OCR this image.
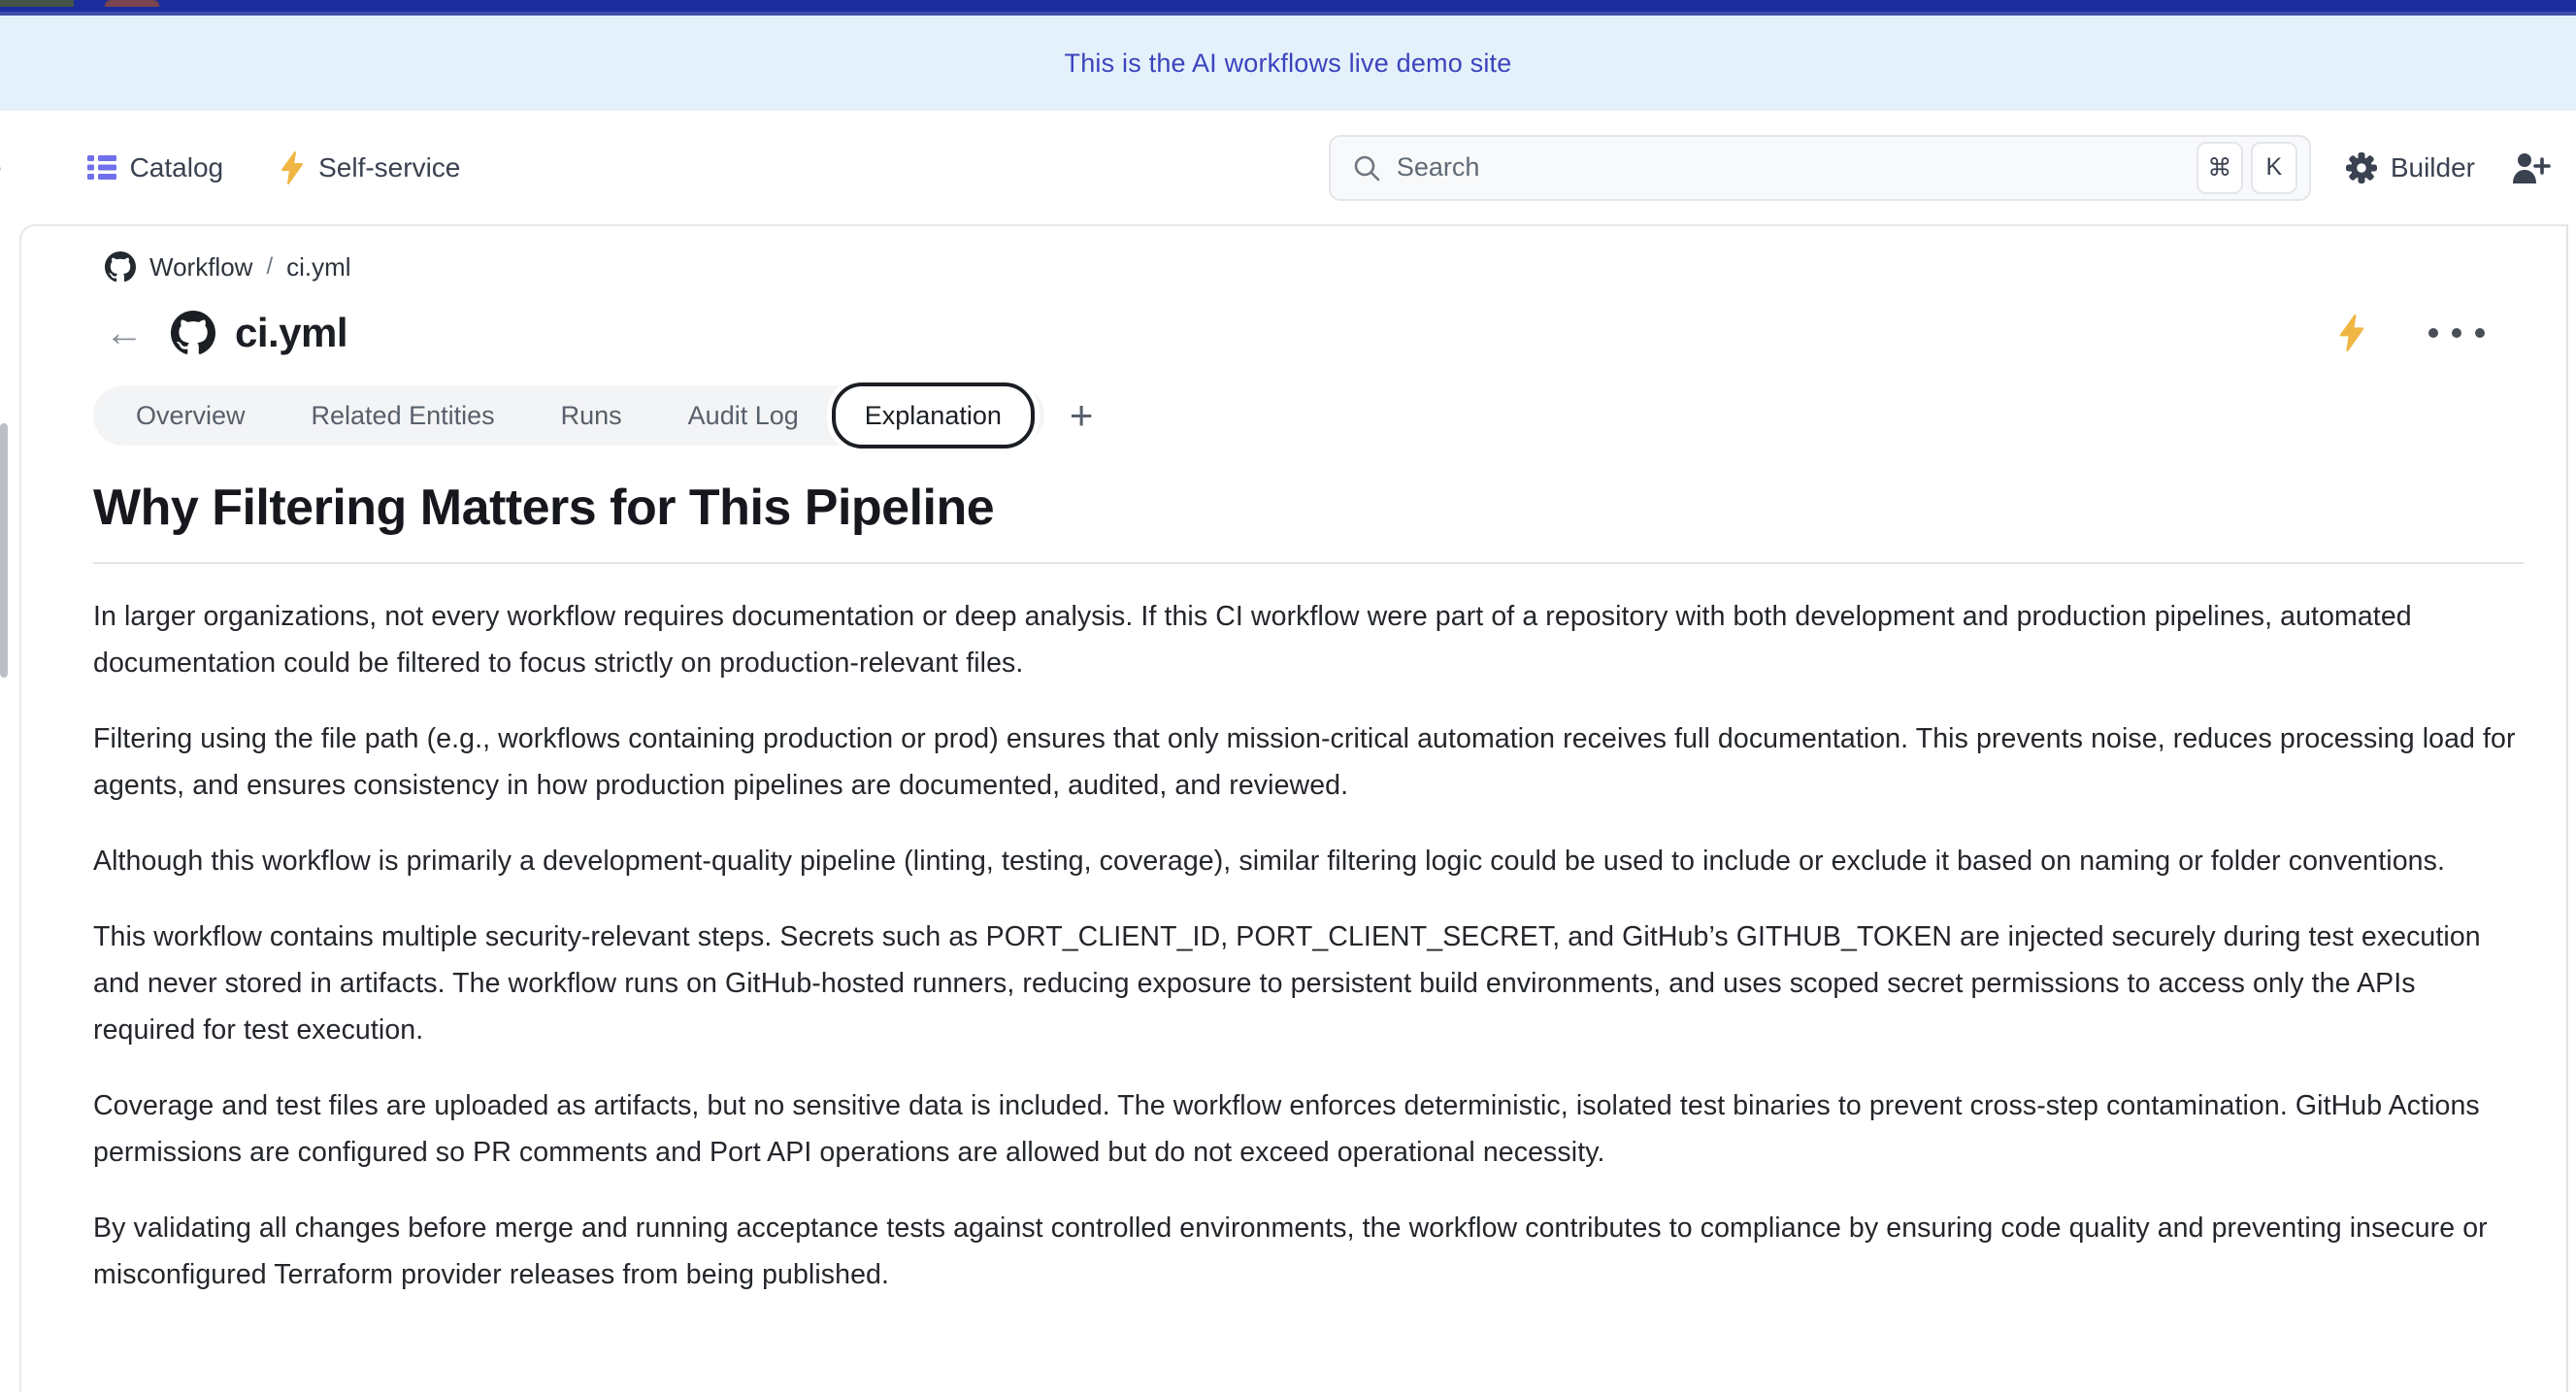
This is the AI workflows live demo site
Catalog	Self-service	Search	⌘	K	Builder
Workflow / ci.yml
← ci.yml
Overview	Related Entities	Runs	Audit Log	Explanation	+
Why Filtering Matters for This Pipeline

In larger organizations, not every workflow requires documentation or deep analysis. If this CI workflow were part of a repository with both development and production pipelines, automated documentation could be filtered to focus strictly on production-relevant files.

Filtering using the file path (e.g., workflows containing production or prod) ensures that only mission-critical automation receives full documentation. This prevents noise, reduces processing load for agents, and ensures consistency in how production pipelines are documented, audited, and reviewed.

Although this workflow is primarily a development-quality pipeline (linting, testing, coverage), similar filtering logic could be used to include or exclude it based on naming or folder conventions.

This workflow contains multiple security-relevant steps. Secrets such as PORT_CLIENT_ID, PORT_CLIENT_SECRET, and GitHub’s GITHUB_TOKEN are injected securely during test execution and never stored in artifacts. The workflow runs on GitHub-hosted runners, reducing exposure to persistent build environments, and uses scoped secret permissions to access only the APIs required for test execution.

Coverage and test files are uploaded as artifacts, but no sensitive data is included. The workflow enforces deterministic, isolated test binaries to prevent cross-step contamination. GitHub Actions permissions are configured so PR comments and Port API operations are allowed but do not exceed operational necessity.

By validating all changes before merge and running acceptance tests against controlled environments, the workflow contributes to compliance by ensuring code quality and preventing insecure or misconfigured Terraform provider releases from being published.
